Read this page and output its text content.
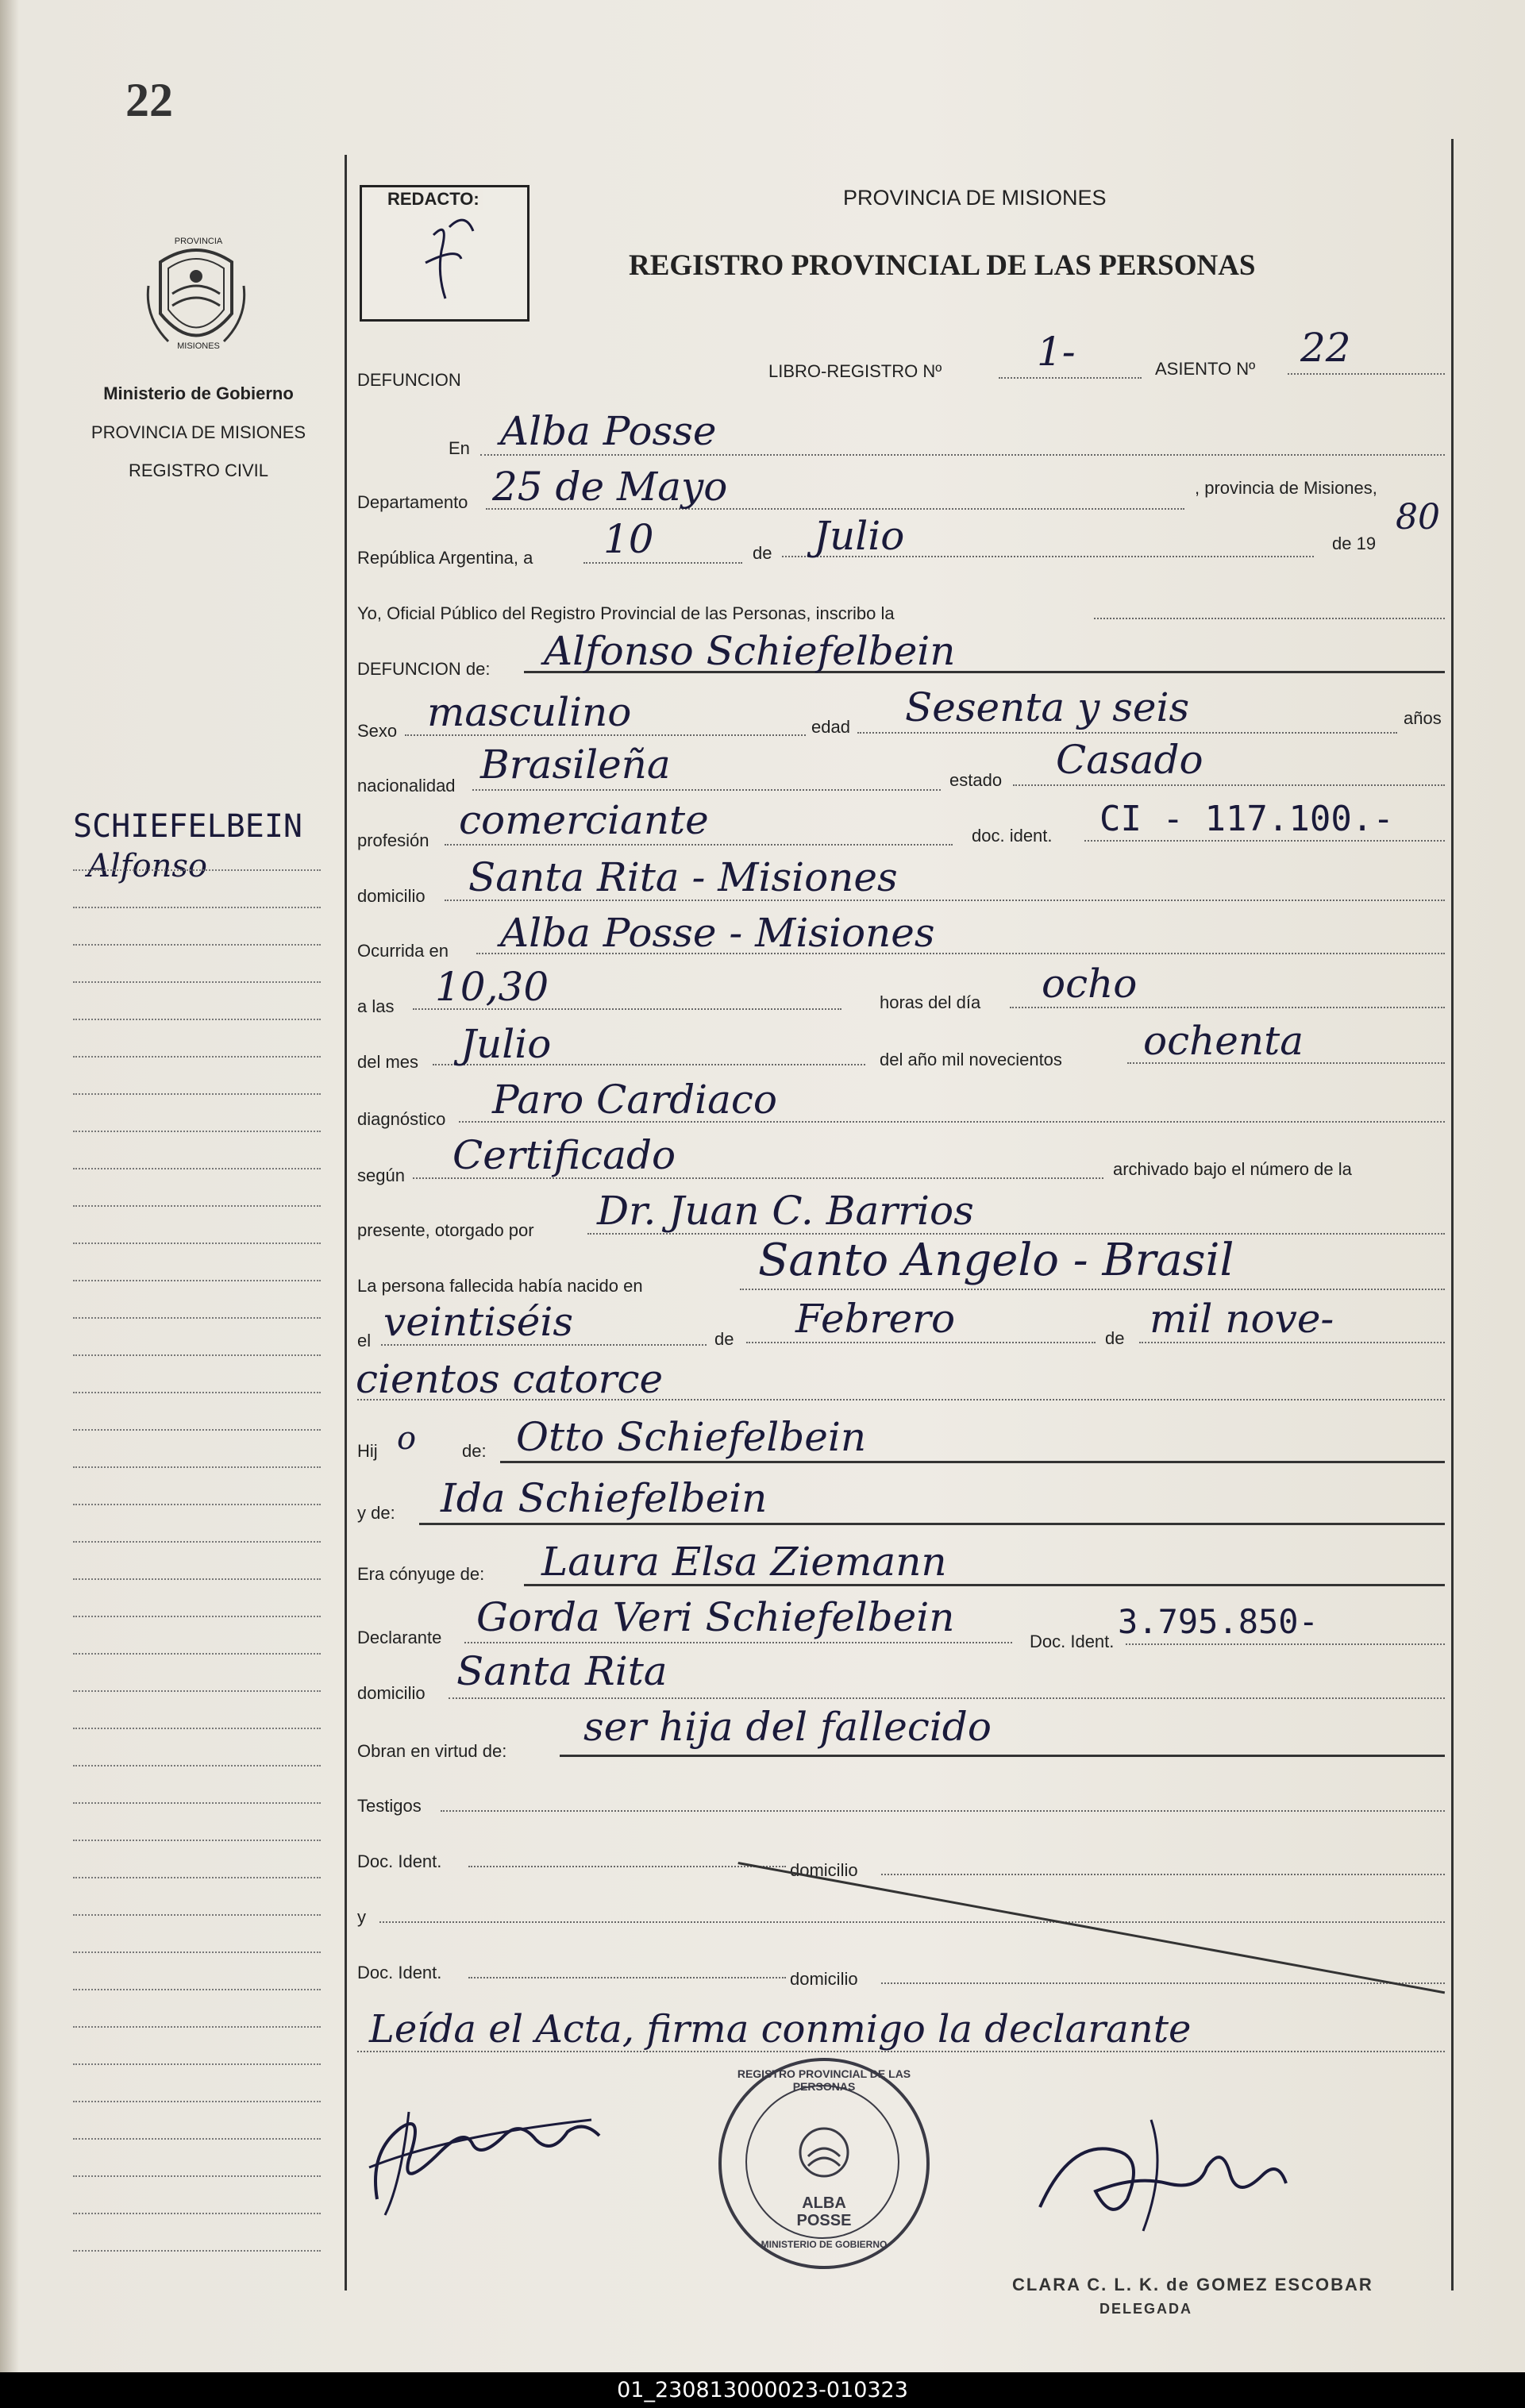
22
PROVINCIA
MISIONES
Ministerio de Gobierno
PROVINCIA DE MISIONES
REGISTRO CIVIL
SCHIEFELBEIN
Alfonso
REDACTO:	PROVINCIA DE MISIONES
REGISTRO PROVINCIAL DE LAS PERSONAS
DEFUNCION	LIBRO-REGISTRO Nº 1-	ASIENTO Nº 22
En Alba Posse
Departamento 25 de Mayo	, provincia de Misiones,
República Argentina, a 10	de Julio	de 19
80
Yo, Oficial Público del Registro Provincial de las Personas, inscribo la
DEFUNCION de: Alfonso Schiefelbein
Sexo masculino	edad Sesenta y seis	años
nacionalidad Brasileña	estado Casado
profesión comerciante	doc. ident. CI - 117.100.-
domicilio Santa Rita - Misiones
Ocurrida en Alba Posse - Misiones
a las 10,30	horas del día ocho
del mes Julio	del año mil novecientos ochenta
diagnóstico Paro Cardiaco
según Certificado	archivado bajo el número de la
presente, otorgado por Dr. Juan C. Barrios
La persona fallecida había nacido en	Santo Angelo - Brasil
el veintiséis	de Febrero	de mil nove-
cientos catorce
Hij o	de: Otto Schiefelbein
y de: Ida Schiefelbein
Era cónyuge de: Laura Elsa Ziemann
Declarante Gorda Veri Schiefelbein
Doc. Ident.
3.795.850-
domicilio Santa Rita
Obran en virtud de:
ser hija del fallecido
Testigos
Doc. Ident.	domicilio
y
Doc. Ident.	domicilio
Leída el Acta, firma conmigo la declarante
REGISTRO PROVINCIAL DE LAS PERSONAS
ALBA
POSSE
MINISTERIO DE GOBIERNO
CLARA C. L. K. de GOMEZ ESCOBAR
DELEGADA
01_230813000023-010323
